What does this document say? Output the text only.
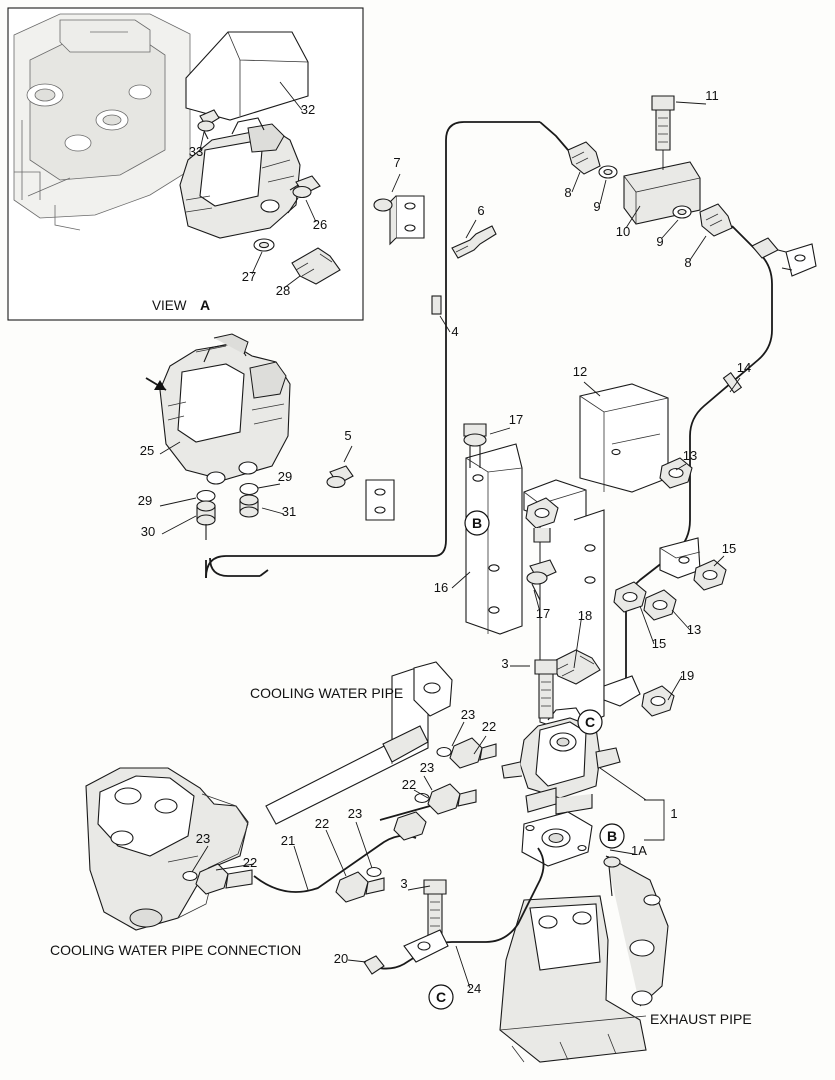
B
C
B
C
VIEW A
COOLING WATER PIPE
COOLING WATER PIPE CONNECTION
EXHAUST PIPE
32
33
26
27
28
11
7
8
9
10
9
8
6
4
14
12
17
13
25
5
29
29
31
30
15
16
17 18
13
15
19
3
23
22
23
22
1
1A
22
23
21
23
22
3
20
24
